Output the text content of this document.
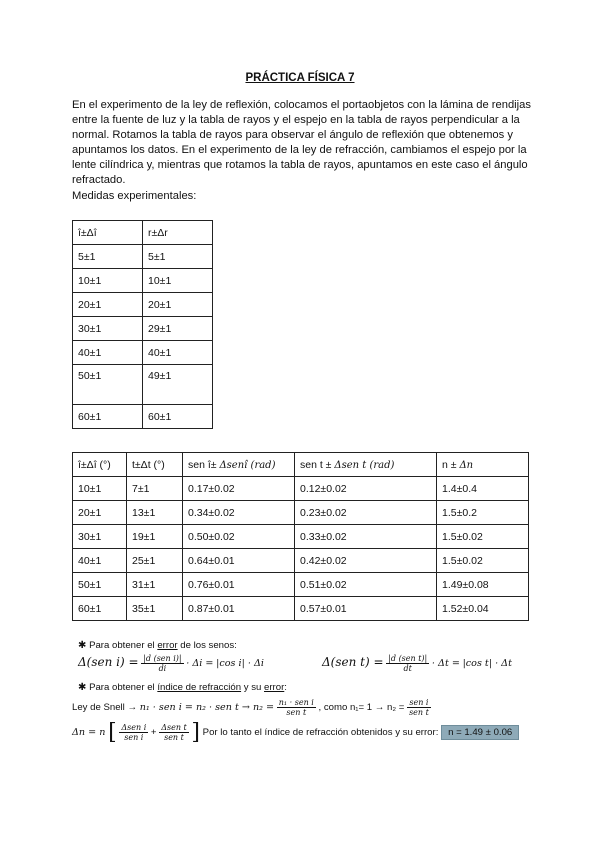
PRÁCTICA FÍSICA 7

En el experimento de la ley de reflexión, colocamos el portaobjetos con la lámina de rendijas entre la fuente de luz y la tabla de rayos y el espejo en la tabla de rayos perpendicular a la normal. Rotamos la tabla de rayos para observar el ángulo de reflexión que obtenemos y apuntamos los datos. En el experimento de la ley de refracción, cambiamos el espejo por la lente cilíndrica y, mientras que rotamos la tabla de rayos, apuntamos en este caso el ángulo refractado.

Medidas experimentales:
î±Δî	r±Δr
5±1	5±1
10±1	10±1
20±1	20±1
30±1	29±1
40±1	40±1
50±1	49±1
60±1	60±1
î±Δî (°)	t±Δt (°)	sen î± Δsenî (rad)	sen t ± Δsen t (rad)	n ± Δn
10±1	7±1	0.17±0.02	0.12±0.02	1.4±0.4
20±1	13±1	0.34±0.02	0.23±0.02	1.5±0.2
30±1	19±1	0.50±0.02	0.33±0.02	1.5±0.02
40±1	25±1	0.64±0.01	0.42±0.02	1.5±0.02
50±1	31±1	0.76±0.01	0.51±0.02	1.49±0.08
60±1	35±1	0.87±0.01	0.57±0.01	1.52±0.04
✱ Para obtener el error de los senos:
Δ(sen $i) = \frac{\text{|d (sen i)|}}{di} \cdot \Delta i = |\cos$ i| · Δi	Δ(sen $t) = \frac{\text{|d (sen t)|}}{dt} \cdot \Delta t = |\cos$ t| · Δt
✱ Para obtener el índice de refracción y su error:
Ley de Snell → n₁ · sen i = n₂ · sen $t \to n_2 = \frac{\text{n₁ · sen i}}{\text{sen t}}$ , como $n_1= 1 \to n_2 = \frac{\text{sen i}}{\text{sen t}}$
Δn = n [ $\frac{\text{Δsen i}}{\text{sen i}} + \frac{\text{Δsen t}}{\text{sen t}}$ ] Por lo tanto el índice de refracción obtenidos y su error: n = 1.49 ± 0.06
